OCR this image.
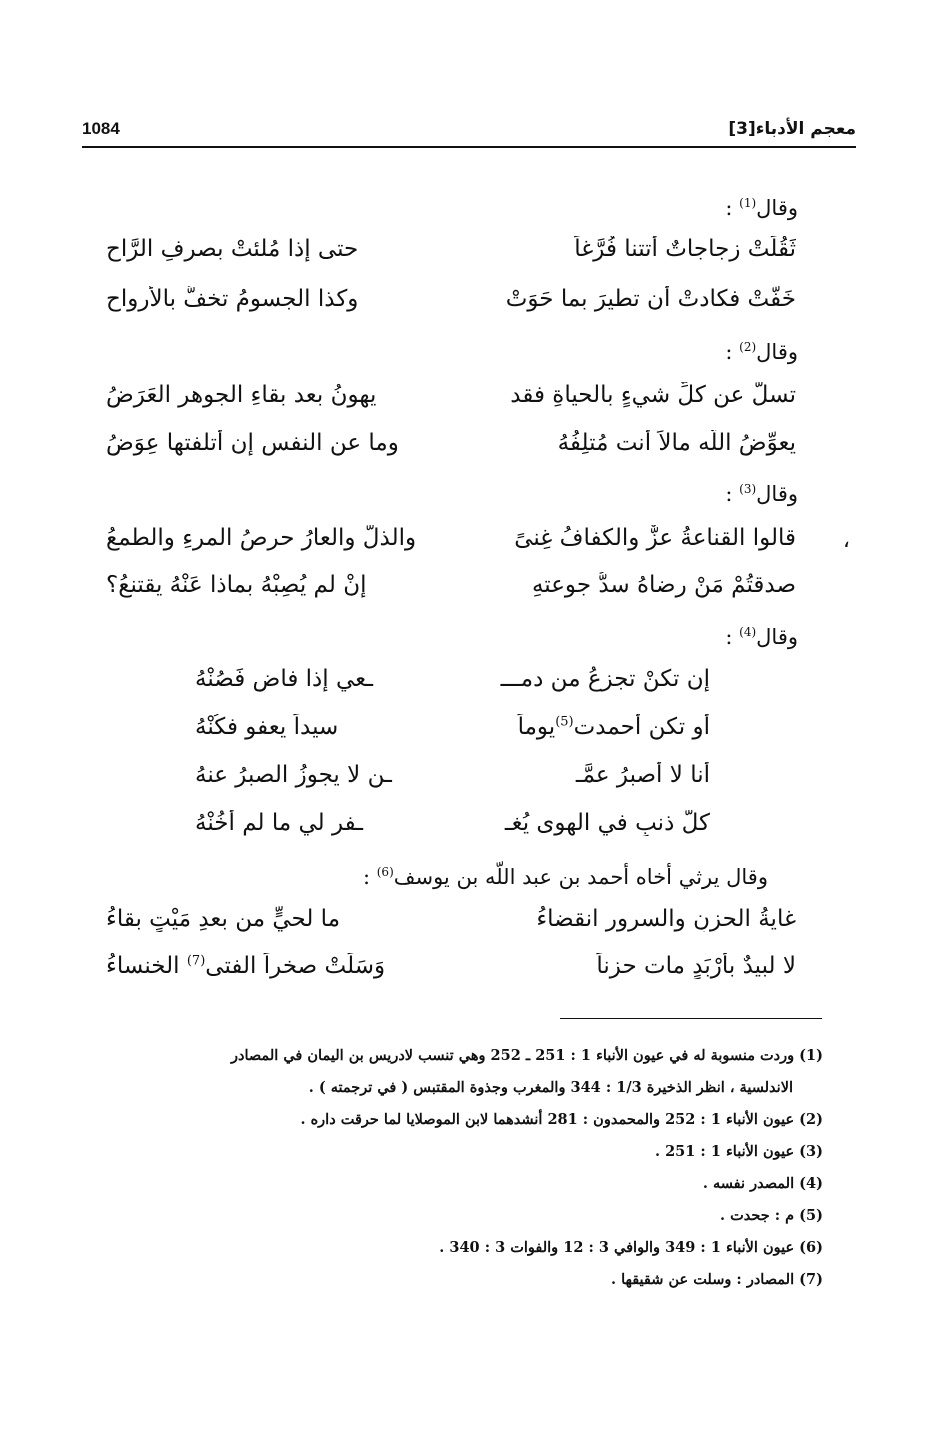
معجم الأدباء[3]
1084
وقال$^{(1)}$ :
ثَقُلَتْ زجاجاتٌ أتتنا فُرَّغاً
حتى إذا مُلئتْ بصرفِ الرَّاحِ
خَفَّتْ فكادتْ أن تطيرَ بما حَوَتْ
وكذا الجسومُ تخفُّ بالأرواحِ
وقال$^{(2)}$ :
تسلَّ عن كلِّ شيءٍ بالحياةِ فقد
يهونُ بعد بقاءِ الجوهرِ العَرَضُ
يعوِّضُ اللّه مالاً أنت مُتلِفُهُ
وما عن النفسِ إن أتلفتها عِوَضُ
وقال$^{(3)}$ :
،
قالوا القناعةُ عزٌّ والكفافُ غِنىً
والذلُّ والعارُ حرصُ المرءِ والطمعُ
صدقتُمْ مَنْ رِضاهُ سدُّ جوعتهِ
إنْ لم يُصِبْهُ بماذا عَنْهُ يقتنعُ؟
وقال$^{(4)}$ :
إن تكنْ تجزعُ من دمـــ
ـعي إذا فاض فَصُنْهُ
أو تكن أحمدت$^{(5)}$يوماً
سيداً يعفو فكُنْهُ
أنا لا أصبرُ عمَّـ
ـن لا يجوزُ الصبرُ عنهُ
كلُّ ذنبٍ في الهوى يُغـ
ـفر لي ما لم أخُنْهُ
وقال يرثي أخاه أحمد بن عبد اللّه بن يوسف$^{(6)}$ :
غايةُ الحزنِ والسرورِ انقضاءُ
ما لحيٍّ من بعدِ مَيْتٍ بقاءُ
لا لبيدٌ بأرْبَدٍ مات حزناً
وَسَلَتْ صخراً الفتى$^{(7)}$ الخنساءُ
(1) وردت منسوبة له في عيون الأنباء 1 : 251 ـ 252 وهي تنسب لادريس بن اليمان في المصادر
الاندلسية ، انظر الذخيرة 1/3 : 344 والمغرب وجذوة المقتبس ( في ترجمته ) .
(2) عيون الأنباء 1 : 252 والمحمدون : 281 أنشدهما لابن الموصلايا لما حرقت داره .
(3) عيون الأنباء 1 : 251 .
(4) المصدر نفسه .
(5) م : جحدت .
(6) عيون الأنباء 1 : 349 والوافي 3 : 12 والفوات 3 : 340 .
(7) المصادر : وسلت عن شقيقها .
